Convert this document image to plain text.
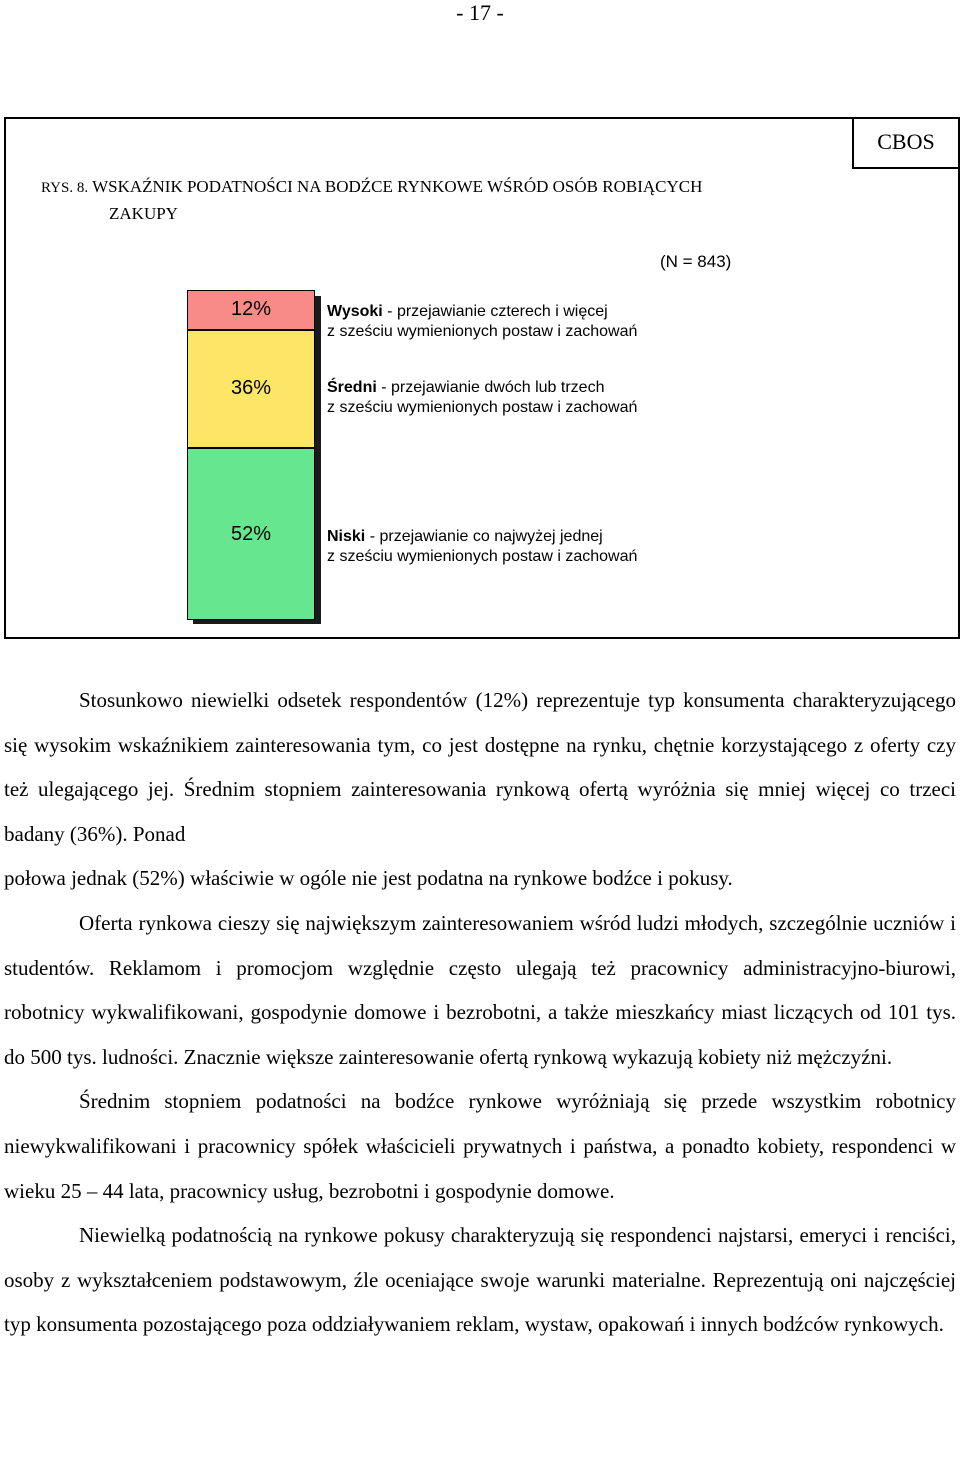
- 17 -
CBOS
RYS. 8. WSKAŹNIK PODATNOŚCI NA BODŹCE RYNKOWE WŚRÓD OSÓB ROBIĄCYCH
ZAKUPY
(N = 843)
12%
36%
52%
Wysoki - przejawianie czterech i więcej
z sześciu wymienionych postaw i zachowań
Średni - przejawianie dwóch lub trzech
z sześciu wymienionych postaw i zachowań
Niski - przejawianie co najwyżej jednej
z sześciu wymienionych postaw i zachowań

Stosunkowo niewielki odsetek respondentów (12%) reprezentuje typ konsumenta charakteryzującego się wysokim wskaźnikiem zainteresowania tym, co jest dostępne na rynku, chętnie korzystającego z oferty czy też ulegającego jej. Średnim stopniem zainteresowania rynkową ofertą wyróżnia się mniej więcej co trzeci badany (36%). Ponad

połowa jednak (52%) właściwie w ogóle nie jest podatna na rynkowe bodźce i pokusy.

Oferta rynkowa cieszy się największym zainteresowaniem wśród ludzi młodych, szczególnie uczniów i studentów. Reklamom i promocjom względnie często ulegają też pracownicy administracyjno-biurowi, robotnicy wykwalifikowani, gospodynie domowe i bezrobotni, a także mieszkańcy miast liczących od 101 tys. do 500 tys. ludności. Znacznie większe zainteresowanie ofertą rynkową wykazują kobiety niż mężczyźni.

Średnim stopniem podatności na bodźce rynkowe wyróżniają się przede wszystkim robotnicy niewykwalifikowani i pracownicy spółek właścicieli prywatnych i państwa, a ponadto kobiety, respondenci w wieku 25 – 44 lata, pracownicy usług, bezrobotni i gospodynie domowe.

Niewielką podatnością na rynkowe pokusy charakteryzują się respondenci najstarsi, emeryci i renciści, osoby z wykształceniem podstawowym, źle oceniające swoje warunki materialne. Reprezentują oni najczęściej typ konsumenta pozostającego poza oddziaływaniem reklam, wystaw, opakowań i innych bodźców rynkowych.
